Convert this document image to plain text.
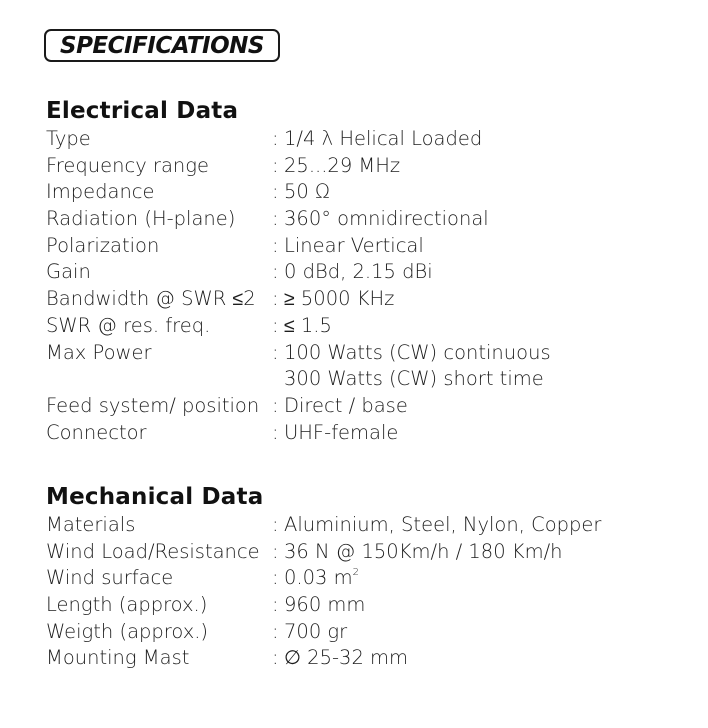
SPECIFICATIONS
Electrical Data
Type	: 1/4 λ Helical Loaded
Frequency range	: 25...29 MHz
Impedance	: 50 Ω
Radiation (H-plane)	: 360° omnidirectional
Polarization	: Linear Vertical
Gain	: 0 dBd, 2.15 dBi
Bandwidth @ SWR ≤2 : ≥ 5000 KHz
SWR @ res. freq.	: ≤ 1.5
Max Power	: 100 Watts (CW) continuous
300 Watts (CW) short time
Feed system/ position : Direct / base
Connector	: UHF-female
Mechanical Data
Materials	: Aluminium, Steel, Nylon, Copper
Wind Load/Resistance : 36 N @ 150Km/h / 180 Km/h
Wind surface	: 0.03 $m^2$
Length (approx.)	: 960 mm
Weigth (approx.)	: 700 gr
Mounting Mast	: ∅ 25-32 mm
